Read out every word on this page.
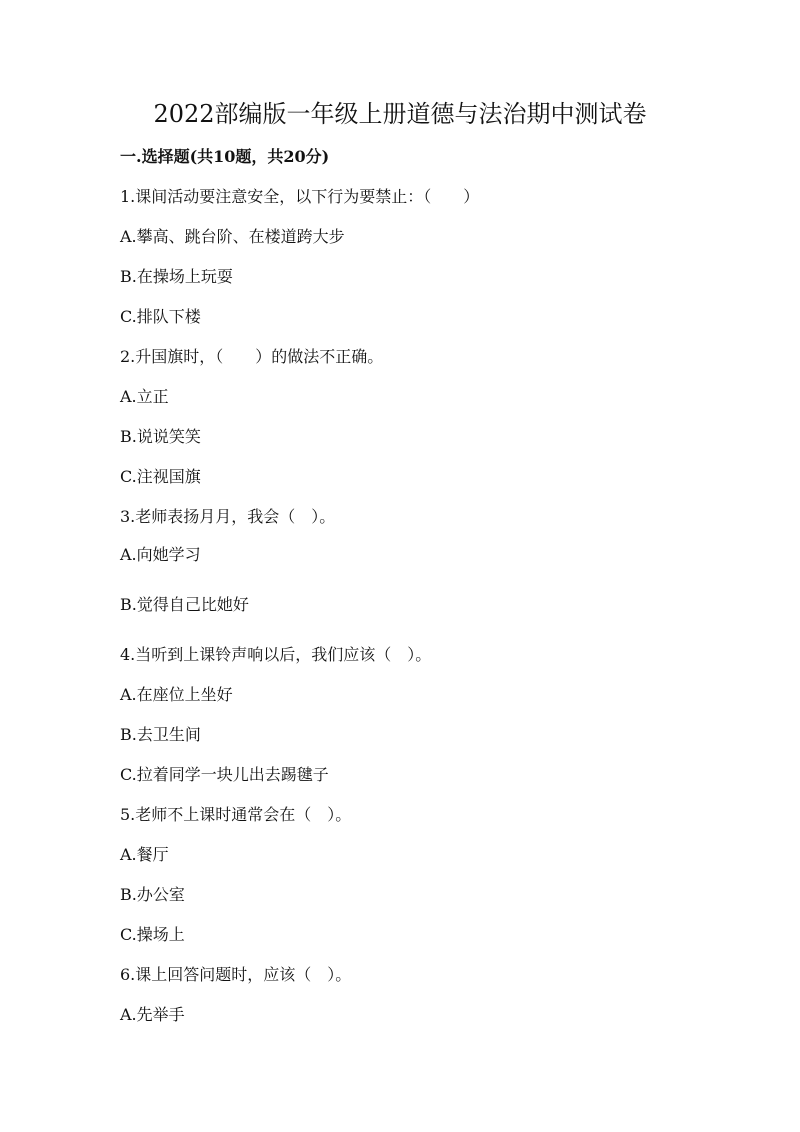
2022部编版一年级上册道德与法治期中测试卷
一.选择题(共10题，共20分)
1.课间活动要注意安全，以下行为要禁止：（　　）
A.攀高、跳台阶、在楼道跨大步
B.在操场上玩耍
C.排队下楼
2.升国旗时，（　　）的做法不正确。
A.立正
B.说说笑笑
C.注视国旗
3.老师表扬月月，我会（　）。
A.向她学习
B.觉得自己比她好
4.当听到上课铃声响以后，我们应该（　）。
A.在座位上坐好
B.去卫生间
C.拉着同学一块儿出去踢毽子
5.老师不上课时通常会在（　）。
A.餐厅
B.办公室
C.操场上
6.课上回答问题时，应该（　）。
A.先举手
